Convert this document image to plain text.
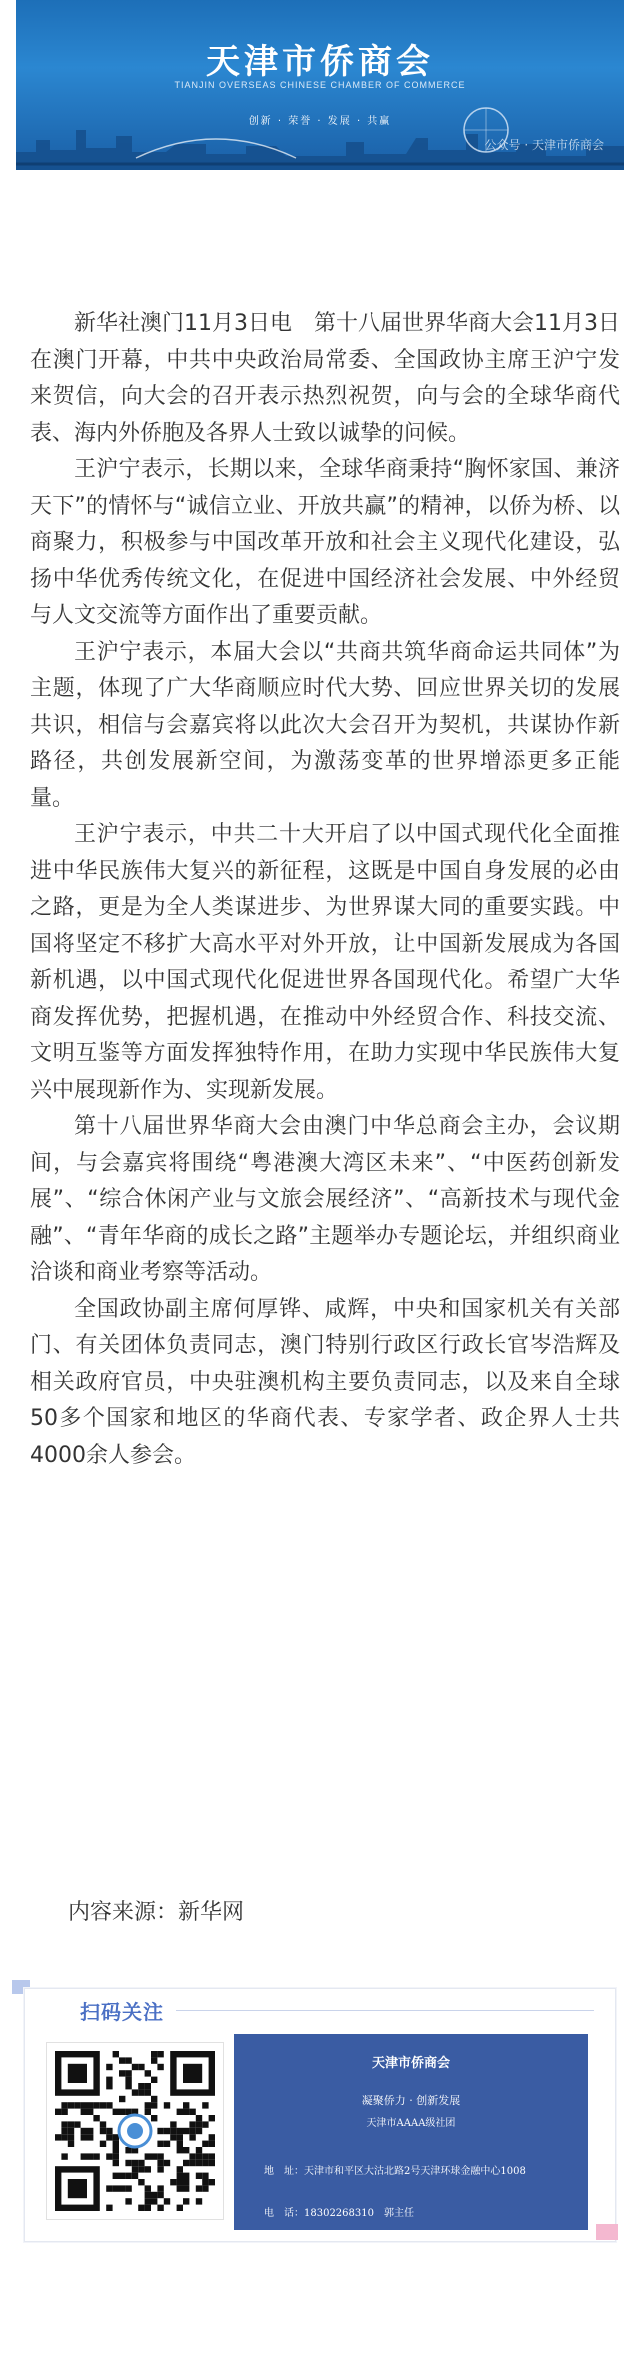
天津市侨商会
TIANJIN OVERSEAS CHINESE CHAMBER OF COMMERCE
创新 · 荣誉 · 发展 · 共赢
公众号 · 天津市侨商会

新华社澳门11月3日电　第十八届世界华商大会11月3日在澳门开幕，中共中央政治局常委、全国政协主席王沪宁发来贺信，向大会的召开表示热烈祝贺，向与会的全球华商代表、海内外侨胞及各界人士致以诚挚的问候。

王沪宁表示，长期以来，全球华商秉持“胸怀家国、兼济天下”的情怀与“诚信立业、开放共赢”的精神，以侨为桥、以商聚力，积极参与中国改革开放和社会主义现代化建设，弘扬中华优秀传统文化，在促进中国经济社会发展、中外经贸与人文交流等方面作出了重要贡献。

王沪宁表示，本届大会以“共商共筑华商命运共同体”为主题，体现了广大华商顺应时代大势、回应世界关切的发展共识，相信与会嘉宾将以此次大会召开为契机，共谋协作新路径，共创发展新空间，为激荡变革的世界增添更多正能量。

王沪宁表示，中共二十大开启了以中国式现代化全面推进中华民族伟大复兴的新征程，这既是中国自身发展的必由之路，更是为全人类谋进步、为世界谋大同的重要实践。中国将坚定不移扩大高水平对外开放，让中国新发展成为各国新机遇，以中国式现代化促进世界各国现代化。希望广大华商发挥优势，把握机遇，在推动中外经贸合作、科技交流、文明互鉴等方面发挥独特作用，在助力实现中华民族伟大复兴中展现新作为、实现新发展。

第十八届世界华商大会由澳门中华总商会主办，会议期间，与会嘉宾将围绕“粤港澳大湾区未来”、“中医药创新发展”、“综合休闲产业与文旅会展经济”、“高新技术与现代金融”、“青年华商的成长之路”主题举办专题论坛，并组织商业洽谈和商业考察等活动。

全国政协副主席何厚铧、咸辉，中央和国家机关有关部门、有关团体负责同志，澳门特别行政区行政长官岑浩辉及相关政府官员，中央驻澳机构主要负责同志，以及来自全球50多个国家和地区的华商代表、专家学者、政企界人士共4000余人参会。

内容来源：新华网
扫码关注
天津市侨商会
凝聚侨力 · 创新发展
天津市AAAA级社团
地　址：天津市和平区大沽北路2号天津环球金融中心1008
电　话：18302268310　郭主任
